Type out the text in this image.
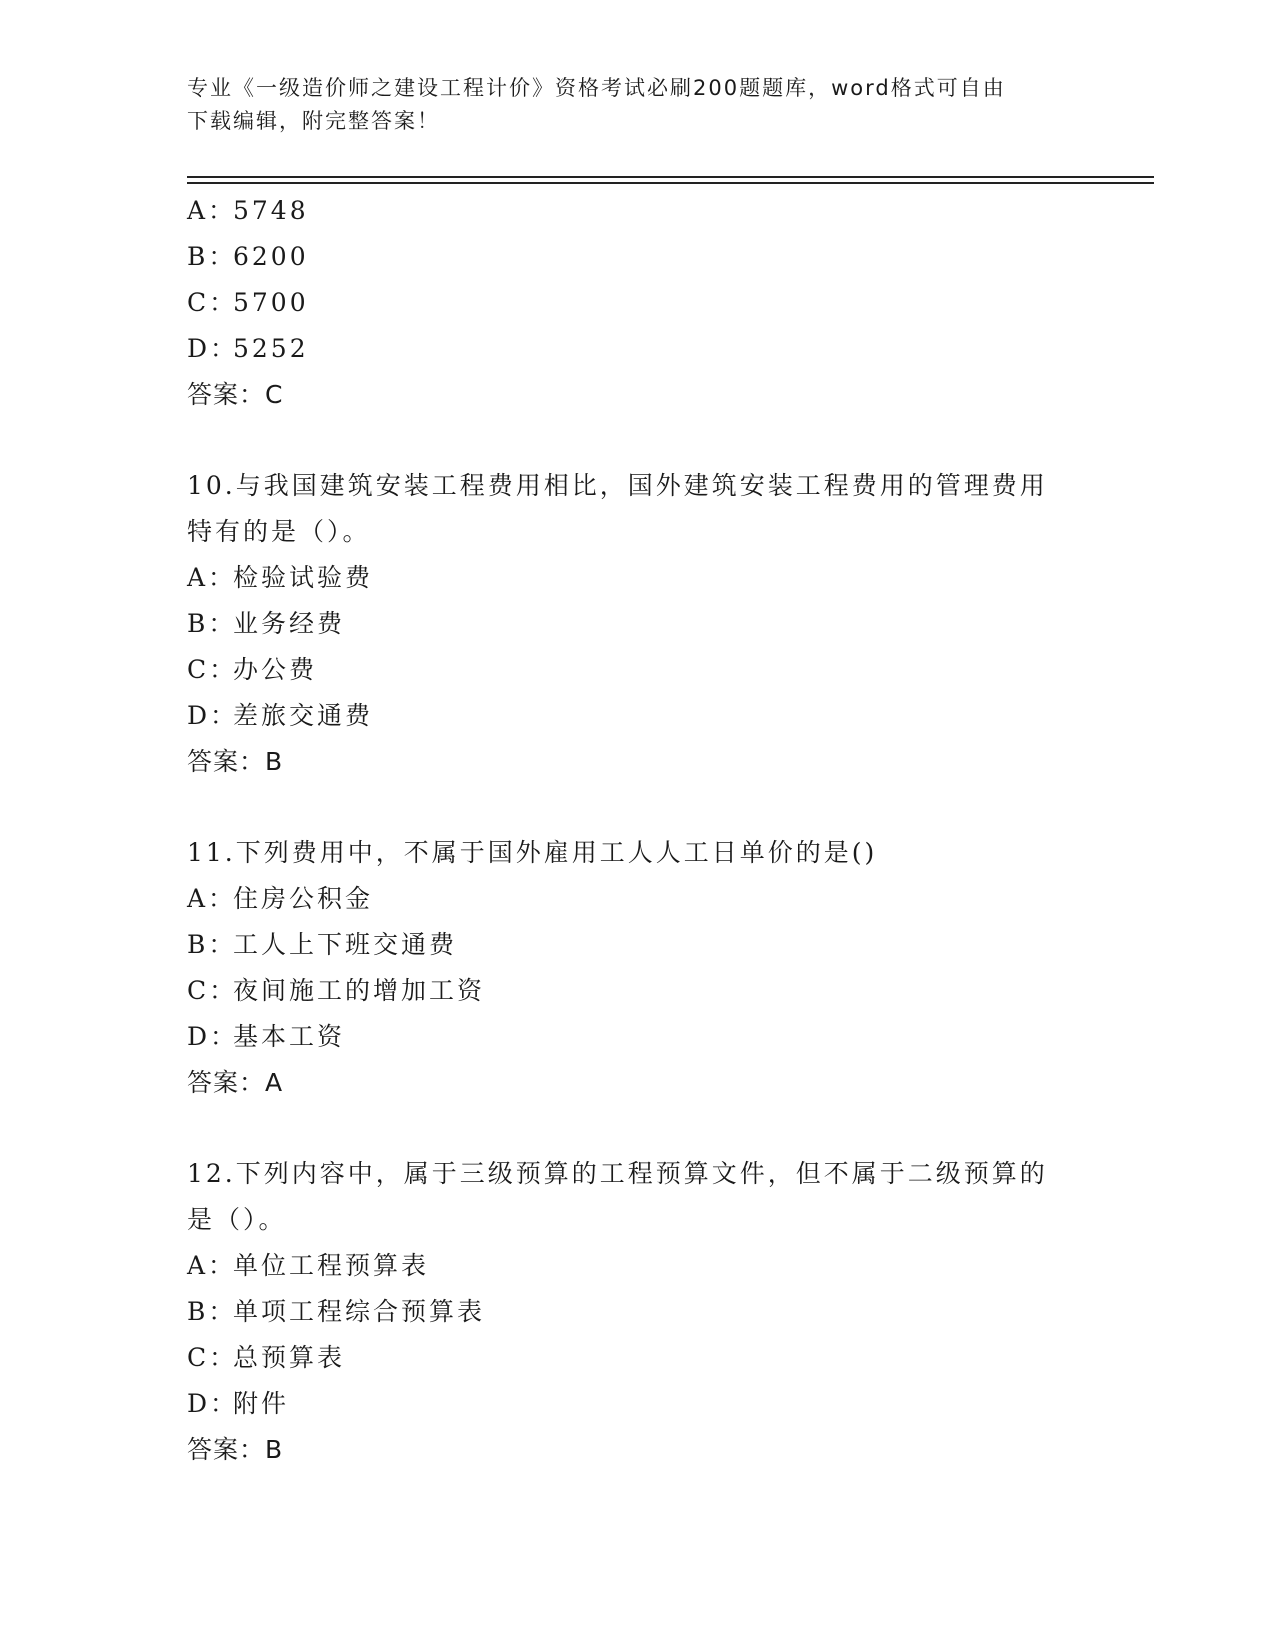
专业《一级造价师之建设工程计价》资格考试必刷200题题库，word格式可自由
下载编辑，附完整答案！
A：5748
B：6200
C：5700
D：5252
答案：C
10.与我国建筑安装工程费用相比，国外建筑安装工程费用的管理费用
特有的是（）。
A：检验试验费
B：业务经费
C：办公费
D：差旅交通费
答案：B
11.下列费用中，不属于国外雇用工人人工日单价的是()
A：住房公积金
B：工人上下班交通费
C：夜间施工的增加工资
D：基本工资
答案：A
12.下列内容中，属于三级预算的工程预算文件，但不属于二级预算的
是（）。
A：单位工程预算表
B：单项工程综合预算表
C：总预算表
D：附件
答案：B
